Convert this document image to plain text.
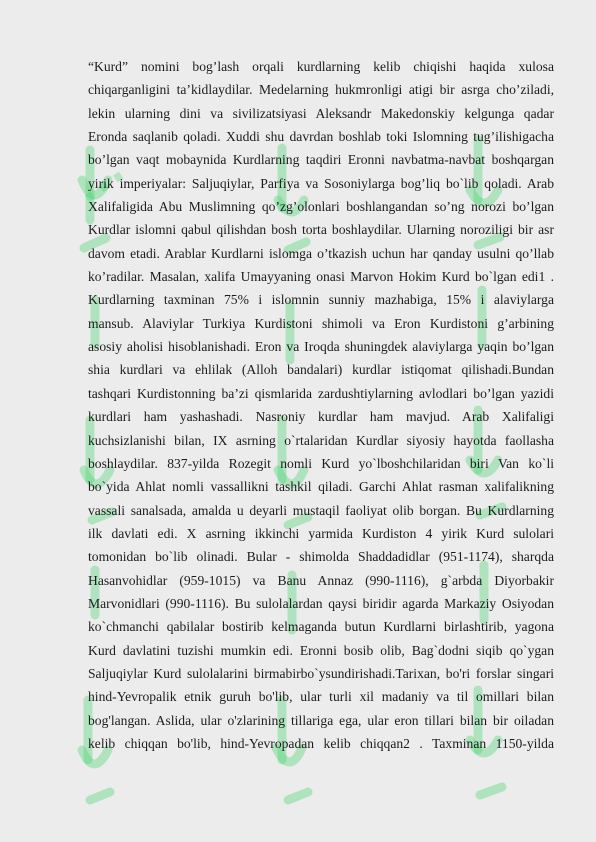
⋯
“Kurd” nomini bog’lash orqali kurdlarning kelib chiqishi haqida xulosa
chiqarganligini ta’kidlaydilar. Medelarning hukmronligi atigi bir asrga cho’ziladi,
lekin ularning dini va sivilizatsiyasi Aleksandr Makedonskiy kelgunga qadar
Eronda saqlanib qoladi. Xuddi shu davrdan boshlab toki Islomning tug’ilishigacha
bo’lgan vaqt mobaynida Kurdlarning taqdiri Eronni navbatma-navbat boshqargan
yirik imperiyalar: Saljuqiylar, Parfiya va Sosoniylarga bog’liq bo`lib qoladi. Arab
Xalifaligida Abu Muslimning qo’zg’olonlari boshlangandan so’ng norozi bo’lgan
Kurdlar islomni qabul qilishdan bosh torta boshlaydilar. Ularning noroziligi bir asr
davom etadi. Arablar Kurdlarni islomga o’tkazish uchun har qanday usulni qo’llab
ko’radilar. Masalan, xalifa Umayyaning onasi Marvon Hokim Kurd bo`lgan edi1 .
Kurdlarning taxminan 75% i islomnin sunniy mazhabiga, 15% i alaviylarga
mansub. Alaviylar Turkiya Kurdistoni shimoli va Eron Kurdistoni g’arbining
asosiy aholisi hisoblanishadi. Eron va Iroqda shuningdek alaviylarga yaqin bo’lgan
shia kurdlari va ehlilak (Alloh bandalari) kurdlar istiqomat qilishadi.Bundan
tashqari Kurdistonning ba’zi qismlarida zardushtiylarning avlodlari bo’lgan yazidi
kurdlari ham yashashadi. Nasroniy kurdlar ham mavjud. Arab Xalifaligi
kuchsizlanishi bilan, IX asrning o`rtalaridan Kurdlar siyosiy hayotda faollasha
boshlaydilar. 837-yilda Rozegit nomli Kurd yo`lboshchilaridan biri Van ko`li
bo`yida Ahlat nomli vassallikni tashkil qiladi. Garchi Ahlat rasman xalifalikning
vassali sanalsada, amalda u deyarli mustaqil faoliyat olib borgan. Bu Kurdlarning
ilk davlati edi. X asrning ikkinchi yarmida Kurdiston 4 yirik Kurd sulolari
tomonidan bo`lib olinadi. Bular - shimolda Shaddadidlar (951-1174), sharqda
Hasanvohidlar (959-1015) va Banu Annaz (990-1116), g`arbda Diyorbakir
Marvonidlari (990-1116). Bu sulolalardan qaysi biridir agarda Markaziy Osiyodan
ko`chmanchi qabilalar bostirib kelmaganda butun Kurdlarni birlashtirib, yagona
Kurd davlatini tuzishi mumkin edi. Eronni bosib olib, Bag`dodni siqib qo`ygan
Saljuqiylar Kurd sulolalarini birmabirbo`ysundirishadi.Tarixan, bo'ri forslar singari
hind-Yevropalik etnik guruh bo'lib, ular turli xil madaniy va til omillari bilan
bog'langan. Aslida, ular o'zlarining tillariga ega, ular eron tillari bilan bir oiladan
kelib chiqqan bo'lib, hind-Yevropadan kelib chiqqan2 . Taxminan 1150-yilda
